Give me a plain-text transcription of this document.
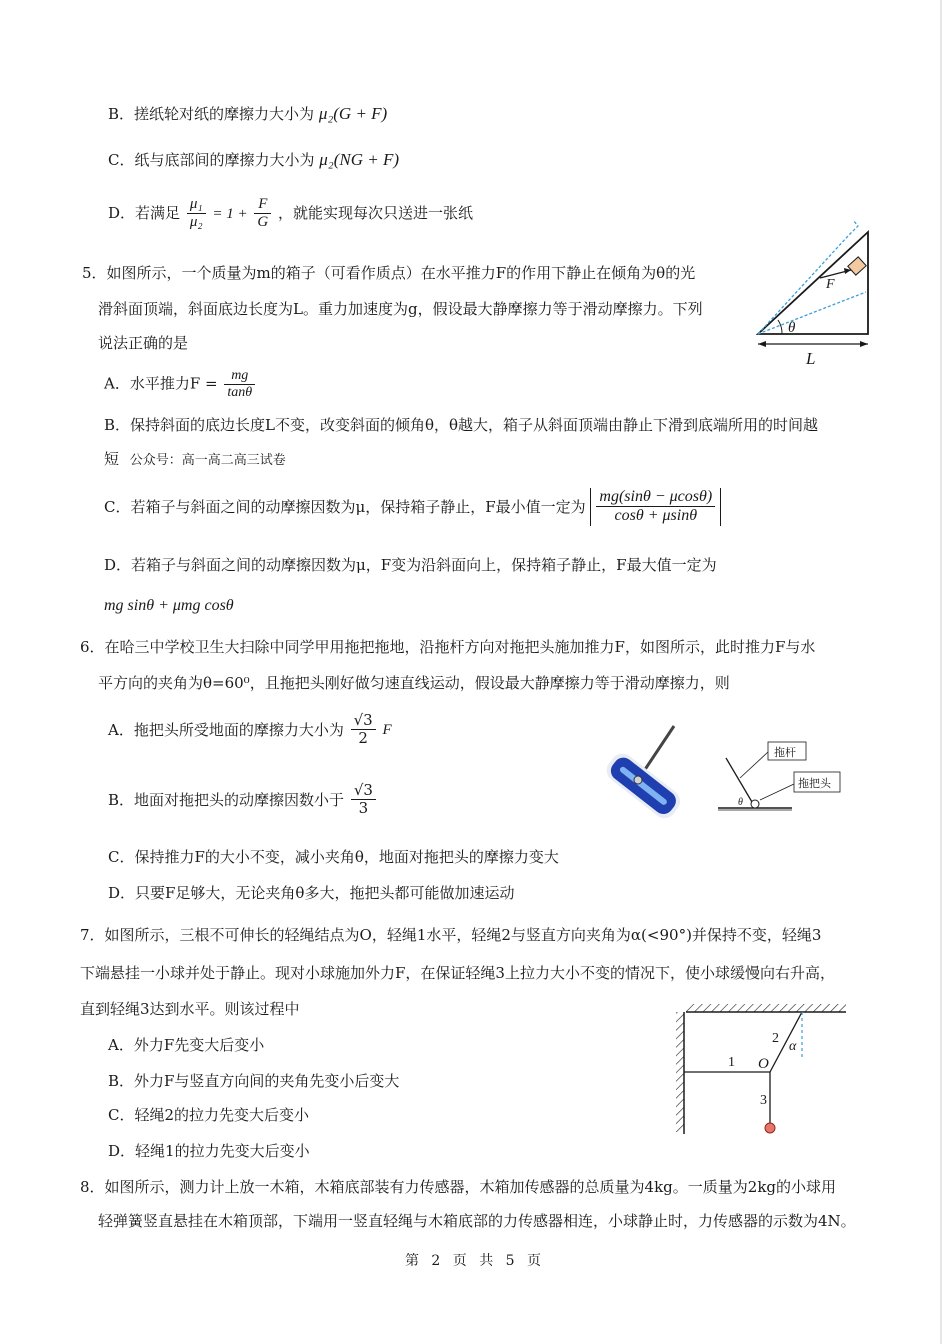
B．搓纸轮对纸的摩擦力大小为 μ₂(G + F)
C．纸与底部间的摩擦力大小为 μ₂(NG + F)
D．若满足 $\frac{\text{μ₁}}{\text{μ₂}} = 1 + \frac{F}{G}$ ，就能实现每次只送进一张纸
5．如图所示，一个质量为m的箱子（可看作质点）在水平推力F的作用下静止在倾角为θ的光
滑斜面顶端，斜面底边长度为L。重力加速度为g，假设最大静摩擦力等于滑动摩擦力。下列
说法正确的是
F
θ
L
A．水平推力$F = \frac{mg}{\tan\theta}$
B．保持斜面的底边长度L不变，改变斜面的倾角θ，θ越大，箱子从斜面顶端由静止下滑到底端所用的时间越
短 公众号：高一高二高三试卷
C．若箱子与斜面之间的动摩擦因数为μ，保持箱子静止，F最小值一定为 $\frac{mg(\sin\theta - \mu\cos\theta)}{\cos\theta + \mu\sin\theta}$
D．若箱子与斜面之间的动摩擦因数为μ，F变为沿斜面向上，保持箱子静止，F最大值一定为
mg sinθ + μmg cosθ
6．在哈三中学校卫生大扫除中同学甲用拖把拖地，沿拖杆方向对拖把头施加推力F，如图所示，此时推力F与水
平方向的夹角为θ=60⁰，且拖把头刚好做匀速直线运动，假设最大静摩擦力等于滑动摩擦力，则
A．拖把头所受地面的摩擦力大小为 $\frac{√3}{2}$ F
B．地面对拖把头的动摩擦因数小于 $\frac{√3}{3}$	θ
拖杆
拖把头
C．保持推力F的大小不变，减小夹角θ，地面对拖把头的摩擦力变大
D．只要F足够大，无论夹角θ多大，拖把头都可能做加速运动
7．如图所示，三根不可伸长的轻绳结点为O，轻绳1水平，轻绳2与竖直方向夹角为α(<90°)并保持不变，轻绳3
下端悬挂一小球并处于静止。现对小球施加外力F，在保证轻绳3上拉力大小不变的情况下，使小球缓慢向右升高，
直到轻绳3达到水平。则该过程中
A．外力F先变大后变小
B．外力F与竖直方向间的夹角先变小后变大
C．轻绳2的拉力先变大后变小
D．轻绳1的拉力先变大后变小
1
2
O
3
α
8．如图所示，测力计上放一木箱，木箱底部装有力传感器，木箱加传感器的总质量为4kg。一质量为2kg的小球用
轻弹簧竖直悬挂在木箱顶部，下端用一竖直轻绳与木箱底部的力传感器相连，小球静止时，力传感器的示数为4N。
第 2 页 共 5 页
